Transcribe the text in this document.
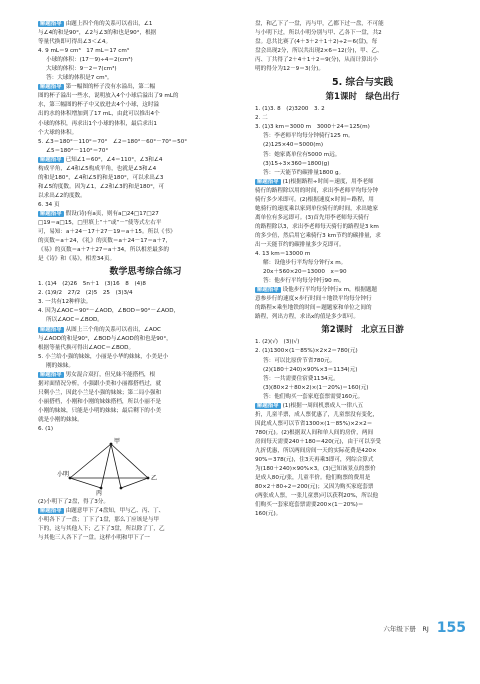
解题指导 由题上四个角的关系可以看出，∠1

与∠4的和是90°，∠2与∠3的和也是90°，根据

等量代换即可得出∠3＜∠4。

4. 9 mL＝9 cm³　17 mL＝17 cm³

小球的体积：(17－9)÷4＝2(cm³)

大球的体积：9－2＝7(cm³)

答：大球的体积是7 cm³。

解题指导 第一幅图的杯子没有水溢出，第二幅

图的杯子溢出一些水，说明放入4个小球后溢出了9 mL的

水，第三幅图的杯子中又放进去4个小球，这时溢

出的水的体积增加到了17 mL，由此可以推出4个

小球的体积，再求出1个小球的体积，最后求出1

个大球的体积。

5. ∠3＝180°－110°＝70°　∠2＝180°－60°－70°＝50°

∠5＝180°－110°＝70°

解题指导 已知∠1＝60°，∠4＝110°，∠3和∠4

构成平角，∠4和∠5构成平角，也就是∠3和∠4

的和是180°，∠4和∠5的和是180°，可以求出∠3

和∠5的度数。因为∠1，∠2和∠3的和是180°，可

以求出∠2的度数。

6. 34 页

解题指导 假设(诗)有a页，则有a□24□17□27

□19＝a□15，□里填上“＋”或“－”使等式左右平

可，易知：a＋24－17＋27－19＝a＋15。所以《书》

的页数＝a＋24，《礼》的页数＝a＋24－17＝a＋7，

《易》的页数＝a＋7＋27＝a＋34，所以相差最多的

是《诗》和《易》，相差34页。

数学思考综合练习

1. (1)4　(2)26　5n＋1　(3)16　8　(4)8

2. (1)9/2　27/2　(2)5　25　(3)3/4

3. 一共有12种样法。

4. 因为∠AOC＝90°－∠AOD，∠BOD＝90°－∠AOD，

所以∠AOC＝∠BOD。

解题指导 从图上三个角的关系可以看出，∠AOC

与∠AOD的和是90°，∠BOD与∠AOD的和也是90°，

根据等量代换可得出∠AOC＝∠BOD。

5. 小兰给小强的妹妹，小丽是小华的妹妹，小美是小

刚的妹妹。

解题指导 男女混合双打，但兄妹不能搭档，根

据对面情况分析，小强跟小美和小丽都搭档过，就

只剩小兰，因此小兰是小强的妹妹；第二局小强和

小丽搭档，小刚和小刚的妹妹搭档，所以小丽不是

小刚的妹妹，只能是小明的妹妹；最后剩下的小美

就是小刚的妹妹。

6. (1)

甲
小明
乙
丙

(2)小明下了2盘，得了3分。

解题指导 由题意甲下了4盘知，甲与乙、丙、丁、

小明各下了一盘；丁下了1盘，那么丁应该是与甲

下的，这与其他人下；乙下了3盘，所以除了丁，乙

与其他三人各下了一盘。这样小明和甲下了一

盘，和乙下了一盘，丙与甲，乙都下过一盘，不可能

与小明下过，所以小明分别与甲、乙各下一盘，共2

盘。总共比赛了(4＋3＋2＋1＋2)÷2＝6(盘)，每

盘会出现2分，所以共出现2×6＝12(分)，甲、乙、

丙、丁共得了2＋4＋1＋2＝9(分)，从而计算出小

明的得分为12－9＝3(分)。

5. 综合与实践
第1课时　绿色出行

1. (1)3. 8　(2)3200　3. 2

2. 二

3. (1)3 km＝3000 m　3000＋24＝125(m)

答：李老师平均每分钟骑行125 m。

(2)125×40＝5000(m)

答：她家离单位有5000 m远。

(3)15÷3×360＝1800(g)

答：一天能节约碳排量1800 g。

解题指导 (1)根据路程÷时间＝速度，用李老师

骑行的路程除以用的时间，求出李老师平均每分钟

骑行多少米即可。(2)根据速度×时间＝路程，用

她骑行的速度乘以家到单位骑行的时间，求出她家

离单位有多远即可。(3)首先用李老师每天骑行

的路程除以3，求出李老师每天骑行的路程是3 km

的多少倍，然后用它乘骑行3 km节约的碳排量，求

出一天能节约的碳排量多少克即可。

4. 13 km＝13000 m

解：设他步行平均每分钟行x m。

20x＋560×20＝13000　x＝90

答：他步行平均每分钟行90 m。

解题指导 设他步行平均每分钟行x m，根据题题

意参步行的速度×步行时间＋地铁平均每分钟行

的路程×乘坐地铁的时间＝题题家和单位之间的

路程，列出方程，求出x的值是多少即可。

第2课时　北京五日游

1. (2)(√)　(3)(√)

2. (1)1300×(1－85%)×2×2＝780(元)

答：可以比原价节省780元。

(2)(180＋240)×90%×3＝1134(元)

答：一共需要住宿费1134元。

(3)(80×2＋80×2)×(1－20%)＝160(元)

答：他们购买一套家庭套票需要160元。

解题指导 (1)根据一周间机票成人一律八五

折，儿童半票，成人票优惠了，儿童票没有变化，

因此成人票可以节省1300×(1－85%)×2×2＝

780(元)。(2)根据双人间和单人间的房价，两间

房间每天需要240＋180＝420(元)，由于可以享受

九折优惠，所以两间房间一天的实际花费是420×

90%＝378(元)，住3天再乘3即可，列综合算式

为(180＋240)×90%×3。(3)已知该景点的票价

是成人80元/张，儿童半价。他们购票的费用是

80×2＋80÷2＝200(元)；又因为购买家庭套票

(两张成人票，一张儿童票)可以获利20%，所以他

们购买一套家庭套票需要200×(1－20%)＝

160(元)。

六年级下册　RJ 155
